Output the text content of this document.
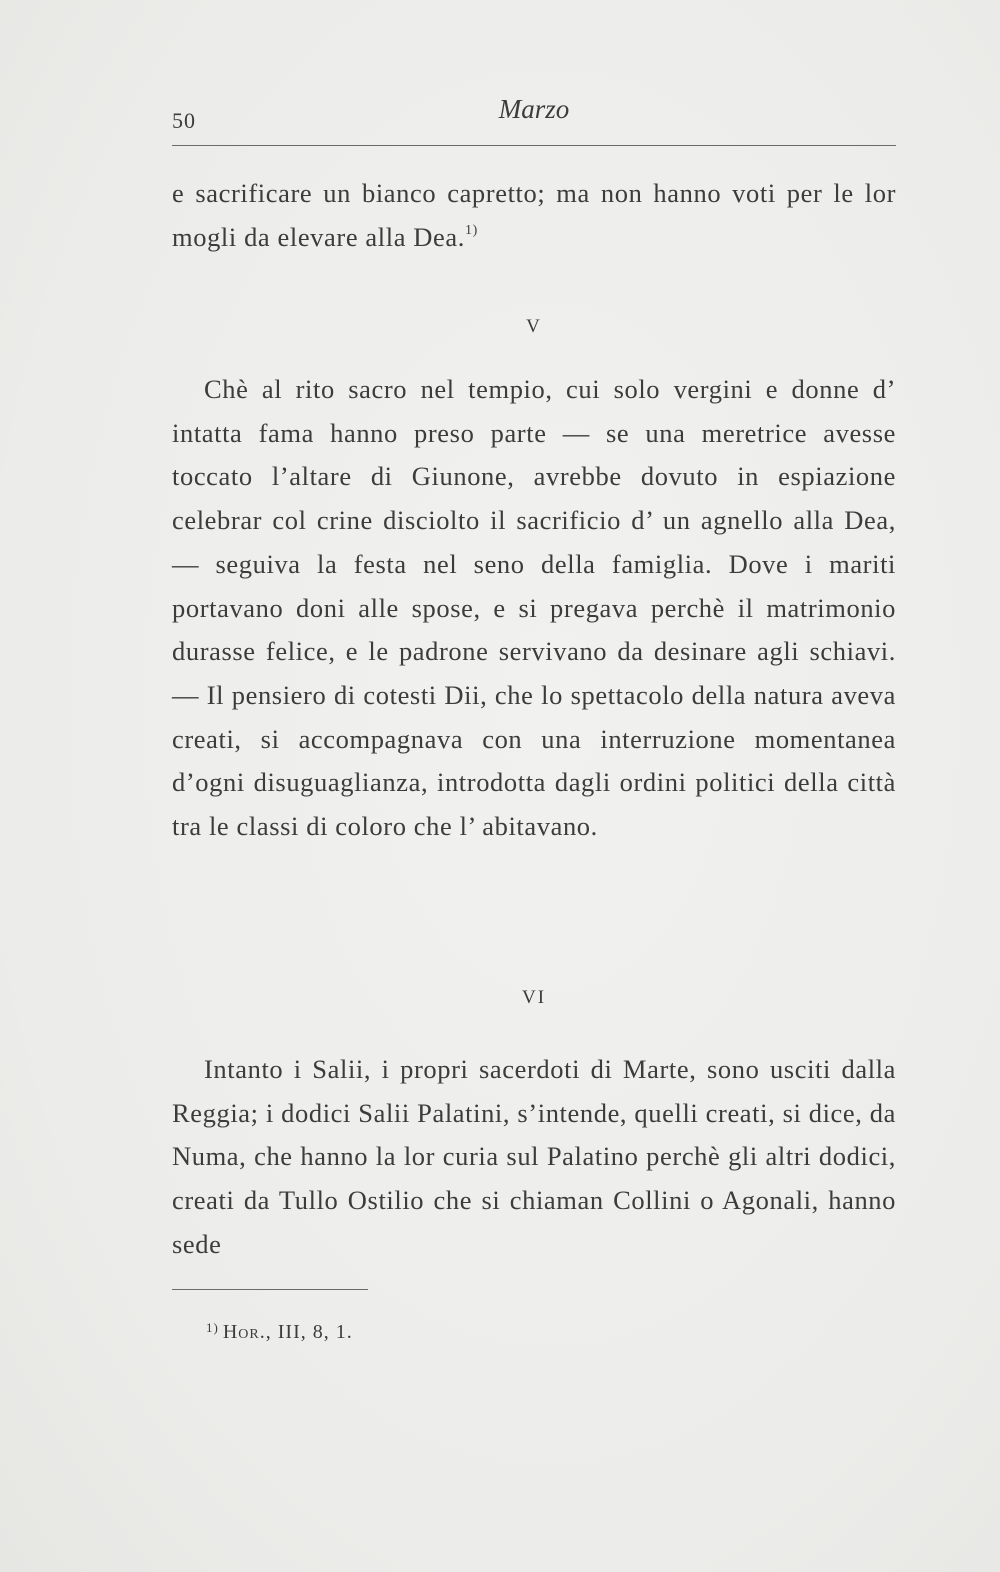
50	Marzo
e sacrificare un bianco capretto; ma non hanno voti per le lor mogli da elevare alla Dea.$^{1)}$
V
Chè al rito sacro nel tempio, cui solo vergini e donne d’ intatta fama hanno preso parte — se una meretrice avesse toccato l’altare di Giunone, avrebbe dovuto in espiazione celebrar col crine disciolto il sacrificio d’ un agnello alla Dea, — seguiva la festa nel seno della famiglia. Dove i mariti portavano doni alle spose, e si pregava perchè il matrimonio durasse felice, e le padrone servivano da desinare agli schiavi. — Il pensiero di cotesti Dii, che lo spettacolo della natura aveva creati, si accompagnava con una interruzione momentanea d’ogni disuguaglianza, introdotta dagli ordini politici della città tra le classi di coloro che l’ abitavano.
VI
Intanto i Salii, i propri sacerdoti di Marte, sono usciti dalla Reggia; i dodici Salii Palatini, s’intende, quelli creati, si dice, da Numa, che hanno la lor curia sul Palatino perchè gli altri dodici, creati da Tullo Ostilio che si chiaman Collini o Agonali, hanno sede
$^{1)}$ Hor., III, 8, 1.
